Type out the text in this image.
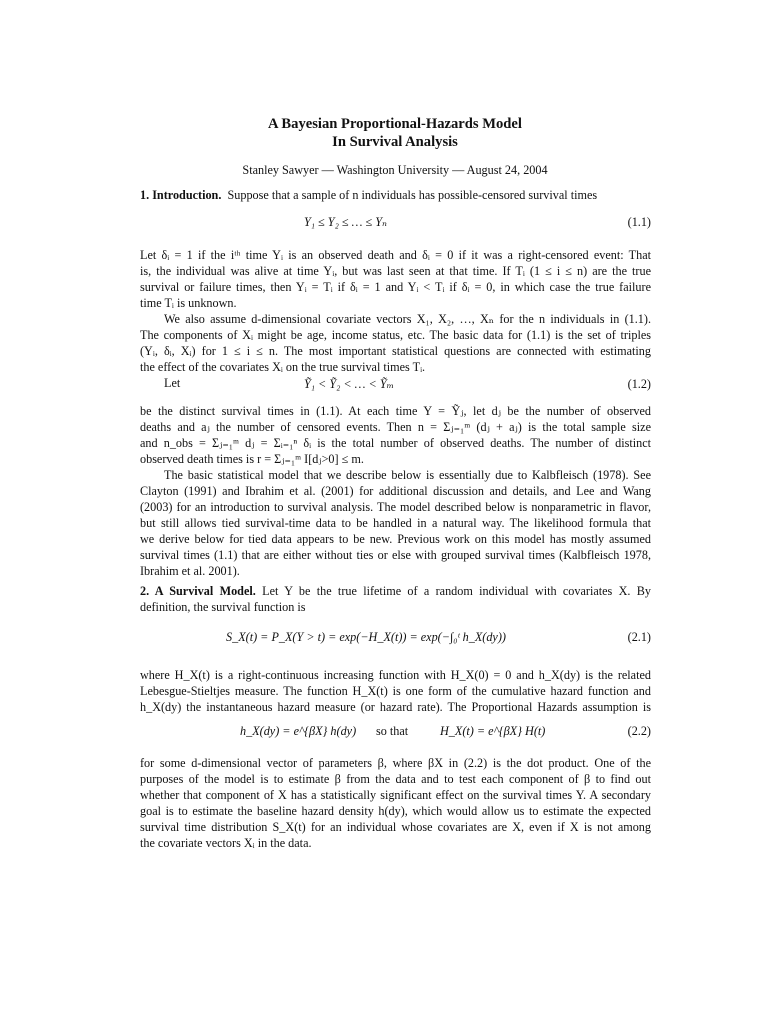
A Bayesian Proportional-Hazards Model
In Survival Analysis
Stanley Sawyer — Washington University — August 24, 2004
1. Introduction. Suppose that a sample of n individuals has possible-censored survival times
Y₁ ≤ Y₂ ≤ … ≤ Yₙ	(1.1)
Let δᵢ = 1 if the iᵗʰ time Yᵢ is an observed death and δᵢ = 0 if it was a right-censored event: That
is, the individual was alive at time Yᵢ, but was last seen at that time. If Tᵢ (1 ≤ i ≤ n) are the true
survival or failure times, then Yᵢ = Tᵢ if δᵢ = 1 and Yᵢ < Tᵢ if δᵢ = 0, in which case the true failure
time Tᵢ is unknown.
We also assume d-dimensional covariate vectors X₁, X₂, …, Xₙ for the n individuals in (1.1).
The components of Xᵢ might be age, income status, etc. The basic data for (1.1) is the set of triples
(Yᵢ, δᵢ, Xᵢ) for 1 ≤ i ≤ n. The most important statistical questions are connected with estimating
the effect of the covariates Xᵢ on the true survival times Tᵢ.
Let	Ỹ₁ < Ỹ₂ < … < Ỹₘ	(1.2)
be the distinct survival times in (1.1). At each time Y = Ỹⱼ, let dⱼ be the number of observed
deaths and aⱼ the number of censored events. Then n = Σⱼ₌₁ᵐ (dⱼ + aⱼ) is the total sample size
and n_obs = Σⱼ₌₁ᵐ dⱼ = Σᵢ₌₁ⁿ δᵢ is the total number of observed deaths. The number of distinct
observed death times is r = Σⱼ₌₁ᵐ I[dⱼ>0] ≤ m.
The basic statistical model that we describe below is essentially due to Kalbfleisch (1978). See
Clayton (1991) and Ibrahim et al. (2001) for additional discussion and details, and Lee and Wang
(2003) for an introduction to survival analysis. The model described below is nonparametric in flavor,
but still allows tied survival-time data to be handled in a natural way. The likelihood formula that
we derive below for tied data appears to be new. Previous work on this model has mostly assumed
survival times (1.1) that are either without ties or else with grouped survival times (Kalbfleisch 1978,
Ibrahim et al. 2001).
2. A Survival Model. Let Y be the true lifetime of a random individual with covariates X. By
definition, the survival function is
S_X(t) = P_X(Y > t) = exp(−H_X(t)) = exp(−∫₀ᵗ h_X(dy))	(2.1)
where H_X(t) is a right-continuous increasing function with H_X(0) = 0 and h_X(dy) is the related
Lebesgue-Stieltjes measure. The function H_X(t) is one form of the cumulative hazard function and
h_X(dy) the instantaneous hazard measure (or hazard rate). The Proportional Hazards assumption is
h_X(dy) = e^{βX} h(dy) so that	H_X(t) = e^{βX} H(t)	(2.2)
for some d-dimensional vector of parameters β, where βX in (2.2) is the dot product. One of the
purposes of the model is to estimate β from the data and to test each component of β to find out
whether that component of X has a statistically significant effect on the survival times Y. A secondary
goal is to estimate the baseline hazard density h(dy), which would allow us to estimate the expected
survival time distribution S_X(t) for an individual whose covariates are X, even if X is not among
the covariate vectors Xᵢ in the data.
